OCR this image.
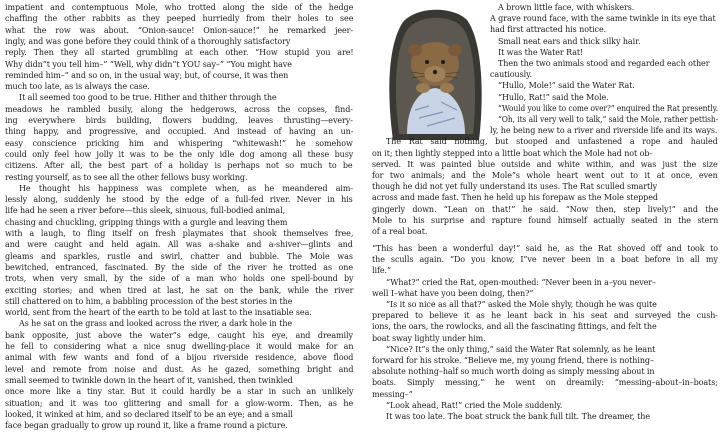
impatient and contemptuous Mole, who trotted along the side of the hedge
chaffing the other rabbits as they peeped hurriedly from their holes to see
what the row was about. “Onion-sauce! Onion-sauce!” he remarked jeer-
ingly, and was gone before they could think of a thoroughly satisfactory
reply. Then they all started grumbling at each other. “How stupid you are!
Why didn”t you tell him–” “Well, why didn”t YOU say–” “You might have
reminded him–” and so on, in the usual way; but, of course, it was then
much too late, as is always the case.
It all seemed too good to be true. Hither and thither through the
meadows he rambled busily, along the hedgerows, across the copses, find-
ing everywhere birds building, flowers budding, leaves thrusting—every-
thing happy, and progressive, and occupied. And instead of having an un-
easy conscience pricking him and whispering “whitewash!” he somehow
could only feel how jolly it was to be the only idle dog among all these busy
citizens. After all, the best part of a holiday is perhaps not so much to be
resting yourself, as to see all the other fellows busy working.
He thought his happiness was complete when, as he meandered aim-
lessly along, suddenly he stood by the edge of a full-fed river. Never in his
life had he seen a river before—this sleek, sinuous, full-bodied animal,
chasing and chuckling, gripping things with a gurgle and leaving them
with a laugh, to fling itself on fresh playmates that shook themselves free,
and were caught and held again. All was a-shake and a-shiver—glints and
gleams and sparkles, rustle and swirl, chatter and bubble. The Mole was
bewitched, entranced, fascinated. By the side of the river he trotted as one
trots, when very small, by the side of a man who holds one spell-bound by
exciting stories; and when tired at last, he sat on the bank, while the river
still chattered on to him, a babbling procession of the best stories in the
world, sent from the heart of the earth to be told at last to the insatiable sea.
As he sat on the grass and looked across the river, a dark hole in the
bank opposite, just above the water”s edge, caught his eye, and dreamily
he fell to considering what a nice snug dwelling-place it would make for an
animal with few wants and fond of a bijou riverside residence, above flood
level and remote from noise and dust. As he gazed, something bright and
small seemed to twinkle down in the heart of it, vanished, then twinkled
once more like a tiny star. But it could hardly be a star in such an unlikely
situation; and it was too glittering and small for a glow-worm. Then, as he
looked, it winked at him, and so declared itself to be an eye; and a small
face began gradually to grow up round it, like a frame round a picture.
A brown little face, with whiskers.
A grave round face, with the same twinkle in its eye that
had first attracted his notice.
Small neat ears and thick silky hair.
It was the Water Rat!
Then the two animals stood and regarded each other
cautiously.
“Hullo, Mole!” said the Water Rat.
“Hullo, Rat!” said the Mole.
“Would you like to come over?” enquired the Rat presently.
“Oh, its all very well to talk,” said the Mole, rather pettish-
ly, he being new to a river and riverside life and its ways.
The Rat said nothing, but stooped and unfastened a rope and hauled
on it; then lightly stepped into a little boat which the Mole had not ob-
served. It was painted blue outside and white within, and was just the size
for two animals; and the Mole”s whole heart went out to it at once, even
though he did not yet fully understand its uses. The Rat sculled smartly
across and made fast. Then he held up his forepaw as the Mole stepped
gingerly down. “Lean on that!” he said. “Now then, step lively!” and the
Mole to his surprise and rapture found himself actually seated in the stern
of a real boat.
“This has been a wonderful day!” said he, as the Rat shoved off and took to
the sculls again. “Do you know, I”ve never been in a boat before in all my
life.”
“What?” cried the Rat, open-mouthed: “Never been in a–you never–
well I–what have you been doing, then?”
“Is it so nice as all that?” asked the Mole shyly, though he was quite
prepared to believe it as he leant back in his seat and surveyed the cush-
ions, the oars, the rowlocks, and all the fascinating fittings, and felt the
boat sway lightly under him.
“Nice? It”s the only thing,” said the Water Rat solemnly, as he leant
forward for his stroke. “Believe me, my young friend, there is nothing–
absolute nothing–half so much worth doing as simply messing about in
boats. Simply messing,” he went on dreamily: “messing–about–in–boats;
messing–”
“Look ahead, Rat!” cried the Mole suddenly.
It was too late. The boat struck the bank full tilt. The dreamer, the
